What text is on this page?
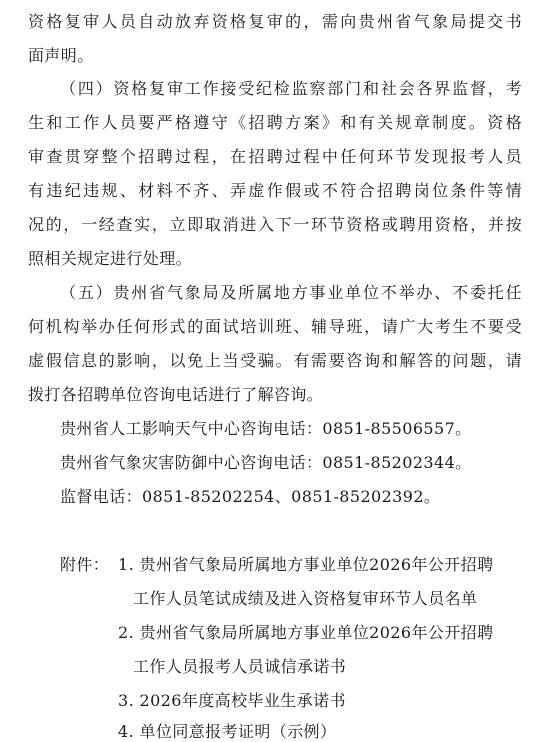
资格复审人员自动放弃资格复审的，需向贵州省气象局提交书
面声明。
（四）资格复审工作接受纪检监察部门和社会各界监督，考
生和工作人员要严格遵守《招聘方案》和有关规章制度。资格
审查贯穿整个招聘过程，在招聘过程中任何环节发现报考人员
有违纪违规、材料不齐、弄虚作假或不符合招聘岗位条件等情
况的，一经查实，立即取消进入下一环节资格或聘用资格，并按
照相关规定进行处理。
（五）贵州省气象局及所属地方事业单位不举办、不委托任
何机构举办任何形式的面试培训班、辅导班，请广大考生不要受
虚假信息的影响，以免上当受骗。有需要咨询和解答的问题，请
拨打各招聘单位咨询电话进行了解咨询。
贵州省人工影响天气中心咨询电话：0851-85506557。
贵州省气象灾害防御中心咨询电话：0851-85202344。
监督电话：0851-85202254、0851-85202392。
附件： 1. 贵州省气象局所属地方事业单位2026年公开招聘
工作人员笔试成绩及进入资格复审环节人员名单
2. 贵州省气象局所属地方事业单位2026年公开招聘
工作人员报考人员诚信承诺书
3. 2026年度高校毕业生承诺书
4. 单位同意报考证明（示例）
